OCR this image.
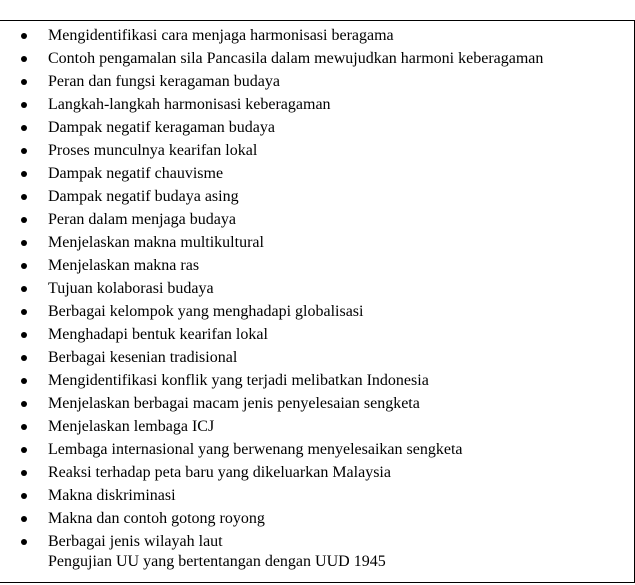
Mengidentifikasi cara menjaga harmonisasi beragama
Contoh pengamalan sila Pancasila dalam mewujudkan harmoni keberagaman
Peran dan fungsi keragaman budaya
Langkah-langkah harmonisasi keberagaman
Dampak negatif keragaman budaya
Proses munculnya kearifan lokal
Dampak negatif chauvisme
Dampak negatif budaya asing
Peran dalam menjaga budaya
Menjelaskan makna multikultural
Menjelaskan makna ras
Tujuan kolaborasi budaya
Berbagai kelompok yang menghadapi globalisasi
Menghadapi bentuk kearifan lokal
Berbagai kesenian tradisional
Mengidentifikasi konflik yang terjadi melibatkan Indonesia
Menjelaskan berbagai macam jenis penyelesaian sengketa
Menjelaskan lembaga ICJ
Lembaga internasional yang berwenang menyelesaikan sengketa
Reaksi terhadap peta baru yang dikeluarkan Malaysia
Makna diskriminasi
Makna dan contoh gotong royong
Berbagai jenis wilayah laut
Pengujian UU yang bertentangan dengan UUD 1945
